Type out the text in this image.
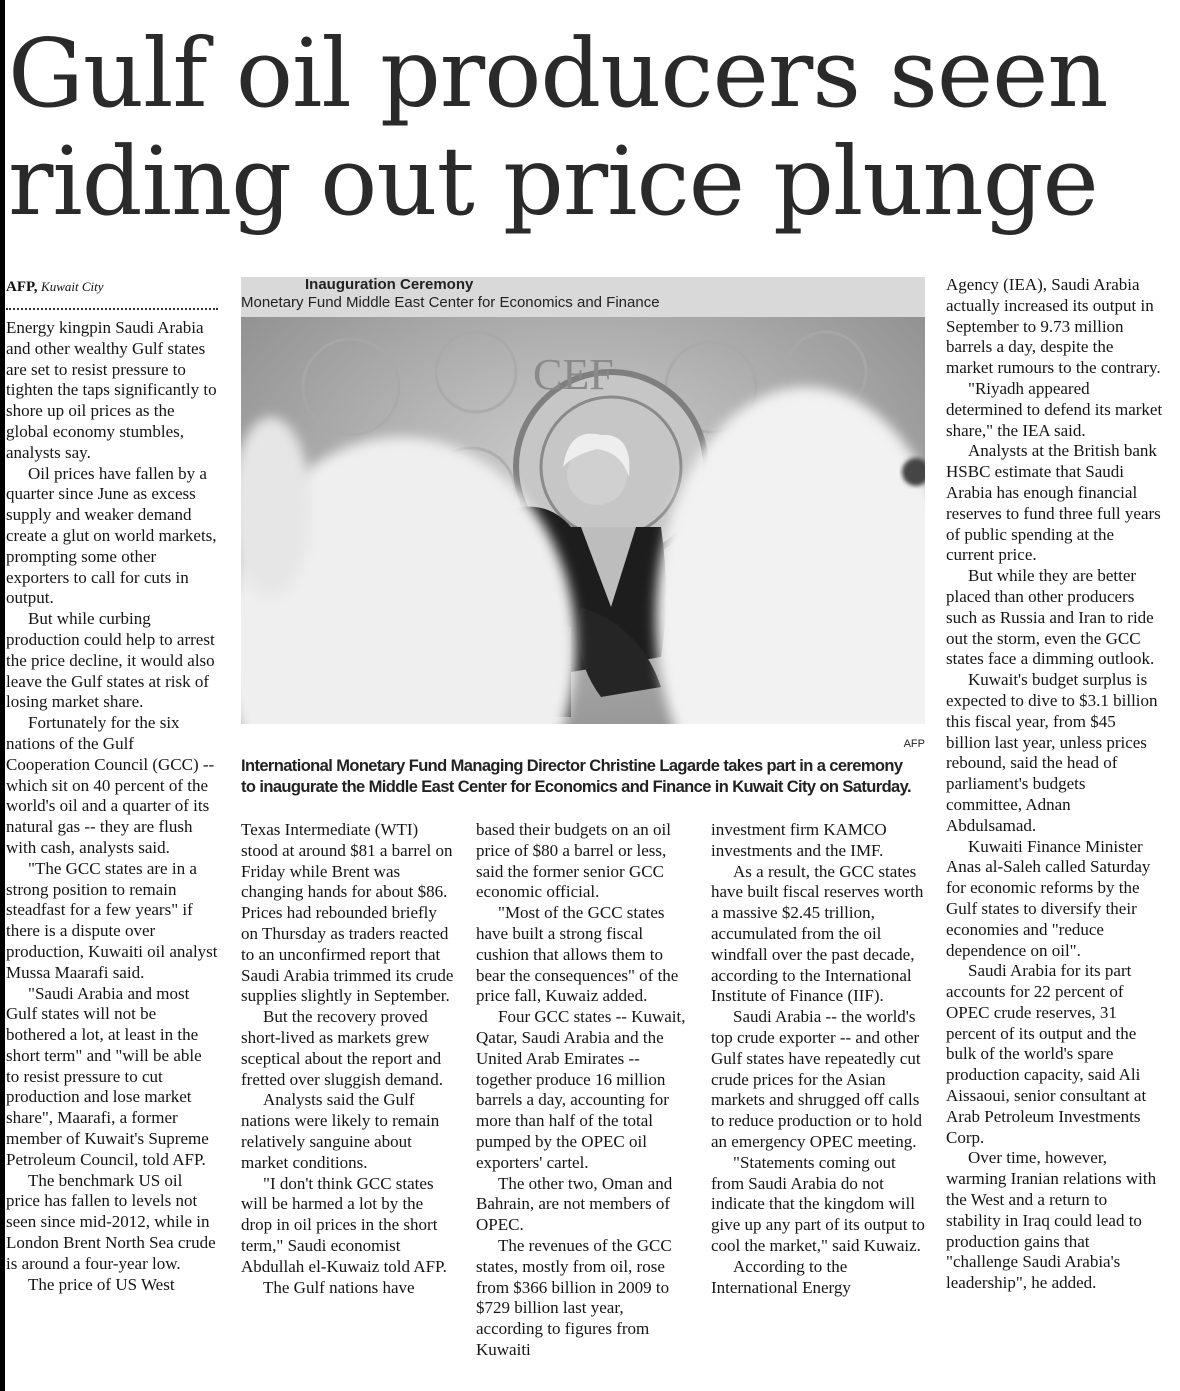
Gulf oil producers seen
riding out price plunge
AFP, Kuwait City	Inauguration Ceremony
Monetary Fund Middle East Center for Economics and Finance
CEF
AFP
International Monetary Fund Managing Director Christine Lagarde takes part in a ceremony
to inaugurate the Middle East Center for Economics and Finance in Kuwait City on Saturday.

Energy kingpin Saudi Arabia and other wealthy Gulf states are set to resist pressure to tighten the taps significantly to shore up oil prices as the global economy stumbles, analysts say.

Oil prices have fallen by a quarter since June as excess supply and weaker demand create a glut on world markets, prompting some other exporters to call for cuts in output.

But while curbing production could help to arrest the price decline, it would also leave the Gulf states at risk of losing market share.

Fortunately for the six nations of the Gulf Cooperation Council (GCC) -- which sit on 40 percent of the world's oil and a quarter of its natural gas -- they are flush with cash, analysts said.

"The GCC states are in a strong position to remain steadfast for a few years" if there is a dispute over production, Kuwaiti oil analyst Mussa Maarafi said.

"Saudi Arabia and most Gulf states will not be bothered a lot, at least in the short term" and "will be able to resist pressure to cut production and lose market share", Maarafi, a former member of Kuwait's Supreme Petroleum Council, told AFP.

The benchmark US oil price has fallen to levels not seen since mid-2012, while in London Brent North Sea crude is around a four-year low.

The price of US West

Texas Intermediate (WTI) stood at around $81 a barrel on Friday while Brent was changing hands for about $86. Prices had rebounded briefly on Thursday as traders reacted to an unconfirmed report that Saudi Arabia trimmed its crude supplies slightly in September.

But the recovery proved short-lived as markets grew sceptical about the report and fretted over sluggish demand.

Analysts said the Gulf nations were likely to remain relatively sanguine about market conditions.

"I don't think GCC states will be harmed a lot by the drop in oil prices in the short term," Saudi economist Abdullah el-Kuwaiz told AFP.

The Gulf nations have

based their budgets on an oil price of $80 a barrel or less, said the former senior GCC economic official.

"Most of the GCC states have built a strong fiscal cushion that allows them to bear the consequences" of the price fall, Kuwaiz added.

Four GCC states -- Kuwait, Qatar, Saudi Arabia and the United Arab Emirates -- together produce 16 million barrels a day, accounting for more than half of the total pumped by the OPEC oil exporters' cartel.

The other two, Oman and Bahrain, are not members of OPEC.

The revenues of the GCC states, mostly from oil, rose from $366 billion in 2009 to $729 billion last year, according to figures from Kuwaiti

investment firm KAMCO investments and the IMF.

As a result, the GCC states have built fiscal reserves worth a massive $2.45 trillion, accumulated from the oil windfall over the past decade, according to the International Institute of Finance (IIF).

Saudi Arabia -- the world's top crude exporter -- and other Gulf states have repeatedly cut crude prices for the Asian markets and shrugged off calls to reduce production or to hold an emergency OPEC meeting.

"Statements coming out from Saudi Arabia do not indicate that the kingdom will give up any part of its output to cool the market," said Kuwaiz.

According to the International Energy

Agency (IEA), Saudi Arabia actually increased its output in September to 9.73 million barrels a day, despite the market rumours to the contrary.

"Riyadh appeared determined to defend its market share," the IEA said.

Analysts at the British bank HSBC estimate that Saudi Arabia has enough financial reserves to fund three full years of public spending at the current price.

But while they are better placed than other producers such as Russia and Iran to ride out the storm, even the GCC states face a dimming outlook.

Kuwait's budget surplus is expected to dive to $3.1 billion this fiscal year, from $45 billion last year, unless prices rebound, said the head of parliament's budgets committee, Adnan Abdulsamad.

Kuwaiti Finance Minister Anas al-Saleh called Saturday for economic reforms by the Gulf states to diversify their economies and "reduce dependence on oil".

Saudi Arabia for its part accounts for 22 percent of OPEC crude reserves, 31 percent of its output and the bulk of the world's spare production capacity, said Ali Aissaoui, senior consultant at Arab Petroleum Investments Corp.

Over time, however, warming Iranian relations with the West and a return to stability in Iraq could lead to production gains that "challenge Saudi Arabia's leadership", he added.
